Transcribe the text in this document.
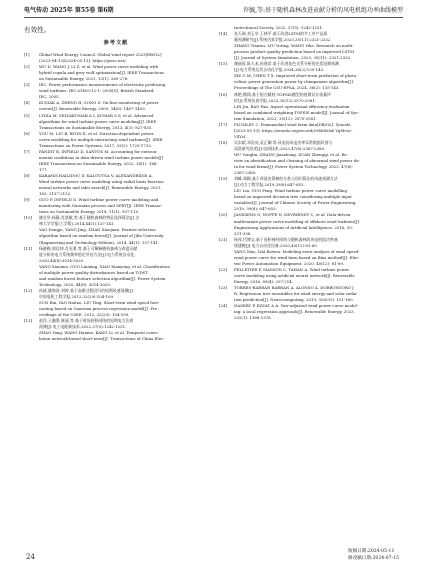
电气传动 2025年 第55卷 第6期	许毓,等:基于随机森林改进贡献分析的风电机组功率曲线模型

有效性。

参考文献
[1]	Global Wind Energy Council. Global wind report 2023[EB/OL]
(2023-04-13)[2024-05-13]. https://gwec.net/.
[2]	WU D, WANG J, LI Z, et al. Wind power curve modeling with
hybrid copula and grey wolf optimization[J]. IEEE Transactions
on Sustainable Energy, 2021, 13(1): 265-276.
[3]	IEC. Power performance measurements of electricity producing
wind turbines: IEC 61400-12-1: 2005[S]. British Standard:
IEC, 2005.
[4]	KUSIAK A, ZHENG H, SONG Z. On-line monitoring of power
curves[J]. Renewable Energy, 2009, 34(6): 1487-1493.
[5]	LYDIA M, SELVAKUMAR A I, KUMAR S S, et al. Advanced
algorithms for wind turbine power curve modeling[J]. IEEE
Transactions on Sustainable Energy, 2013, 4(3): 827-835.
[6]	YOU M, LIU B, BYON E, et al. Direction-dependent power
curve modeling for multiple interacting wind turbines[J]. IEEE
Transactions on Power Systems, 2017, 33(2): 1725-1733.
[7]	PANDIT R, INFIELD D, SANTOS M. Accounting for environ-
mental conditions in data-driven wind turbine power models[J].
IEEE Transactions on Sustainable Energy, 2022, 14(1): 168-
177.
[8]	KARAMICHAILIDOU D, KALOUTSA V, ALEXANDRIDIS A.
Wind turbine power curve modeling using radial basis function
neural networks and tabu search[J]. Renewable Energy, 2021,
163: 2137-2152.
[9]	GUO P, INFIELD D. Wind turbine power curve modeling and
monitoring with Gaussian process and SPRT[J]. IEEE Transac-
tions on Sustainable Energy, 2018, 11(1): 107-115.
[10]	姚昱华,杨静,肖凯敏,等.基于随机森林的特征选择算法[J].吉
林大学学报(工学版),2014,44(1):137-141.
YAO Dongju, YANG Jing, ZHAN Xiaojuan. Feature selection
algorithm based on random forest[J]. Journal of Jilin University
(Engineering and Technology Edition), 2014, 44(1): 137-141.
[11]	杨晓梅,郭佳坤,肖光勇,等.基于可解释随机森林与改进贡献
度分析的电力系统频率稳定评估方法[J].电力系统自动化,
2020,44(8):3014-3020.
YANG Xiaomei, GUO Linming, XIAO Xianyong, et al. Classification
of multiple power quality disturbances based on TQWT
and random forest feature selection algorithm[J]. Power System
Technology, 2020, 44(8): 3014-3020.
[12]	孙斌,姚海涛,刘婷.基于高斯过程回归的短期风速预测[J].
中国电机工程学报,2012,32(29):104-109.
SUN Bin, YAO Haitao, LIU Ting. Short-term wind speed fore-
casting based on Gaussian process regression model[J]. Pro-
ceedings of the CSEE, 2012, 32(29): 104-109.
[13]	赵洋,王瀚墨,康丽,等.基于时间卷积网络的短期电力负荷
预测[J].电工电能新技术,2022,37(5):1242-1251.
ZHAO Yang, WANG Hanmo, KANG Li, et al. Temporal convo-
lution network-based short-term[J]. Transactions of China Elec-
trotechnical Society, 2022, 37(5): 1242-1251.
[14]	张天瑞,刘玉亭,王林平.基于改进LSTM的多工序产品质
量预测研究[J].系统仿真学报,2023,35(11):2321-2332.
ZHANG Tianrui, LIU Yuting, WANG Yike. Research on multi-
process product quality prediction based on improved LSTM
[J]. Journal of System Simulation, 2023, 35(11): 2321-2332.
[15]	谢丽蓉,陈天本,孙建雷.基于改进灰色关系分析的光伏短期预测
[J].电力系统及其自动化学报,2024,36(2):135-143.
XIE G M, CHEN T X. Improved short-term prediction of photo-
voltaic power generation power by chimpanzee algorithm[J].
Proceedings of The CSU-EPSA, 2024, 36(2): 135-143.
[16]	林艳,熊翔,基于组合赋权-TOPSIS模型的视频设计质量评
价[J].系统仿真学报,2023,35(12):2570-2581.
LIN Jin, BAO Fan. Aspect operational efficiency evaluation
based on combined weighting-TOPSIS model[J]. Journal of Sys-
tem Simulation, 2023, 35(12): 2570-2581.
[17]	PLUMLEY C. Penmanshiel wind farm data[DB/OL]. Zenodo,
[2023-05-13]. https://zenodo.org/record/5946808#.YgMvoc-
V4YcI.
[18]	吴东斌,邓浩亮,袁正卿,等.风电场风电功率异常数据识别与
清洗研究综述[J].电网技术,2023,47(6):2367-2380.
WU Yonglin, ZHANG Jianzhong, XUAN Zhengqi, et al. Re-
view on identification and cleaning of abnormal wind power da-
ta for wind farms[J]. Power System Technology, 2023, 47(6):
2367-2380.
[19]	刘峰,郑颖,基于改进决策树的分类与回归算法的风速预测方法
[J].动力工程学报,2019,39(8):647-653.
LIU Lin, GUO Feng. Wind turbine power curve modelling
based on improved decision tree considering multiple input
variables[J]. Journal of Chinese Society of Power Engineering,
2019, 39(8): 647-653.
[20]	JANSSENS O, NOPPE N, DEVRIENDT C, et al. Data-driven
multivariate power curve modeling of offshore wind turbines[J].
Engineering Applications of Artificial Intelligence, 2016, 55:
331-338.
[21]	杨茂,代博文.基于卷积神经网络与随机森林的风电机组功率曲
线建模[J].电力自动化设备,2020,40(12):81-89.
YANG Mao, DAI Bowen. Modeling error analysis of wind speed-
wind power curve for wind farm based on Bins method[J]. Elec-
tric Power Automation Equipment, 2020, 40(12): 81-89.
[22]	PELLETIER F, MASSON C, TAHAN A. Wind turbine power
curve modeling using artificial neural network[J]. Renewable
Energy, 2016, 89(4): 207-214.
[23]	TORRES-BARRAN BARRÁN A, ALONSO Á, DORRONSORO J
R. Regression tree ensembles for wind energy and solar radia-
tion prediction[J]. Neurocomputing, 2019, 326(31): 151-160.
[24]	NASERY P, EZZAT A A. Yaw-adjusted wind power curve model-
ing: a local regression approach[J]. Renewable Energy, 2023,
202(1): 1368-1376.
24
收稿日期:2024-05-11
修改稿日期:2024-07-15
